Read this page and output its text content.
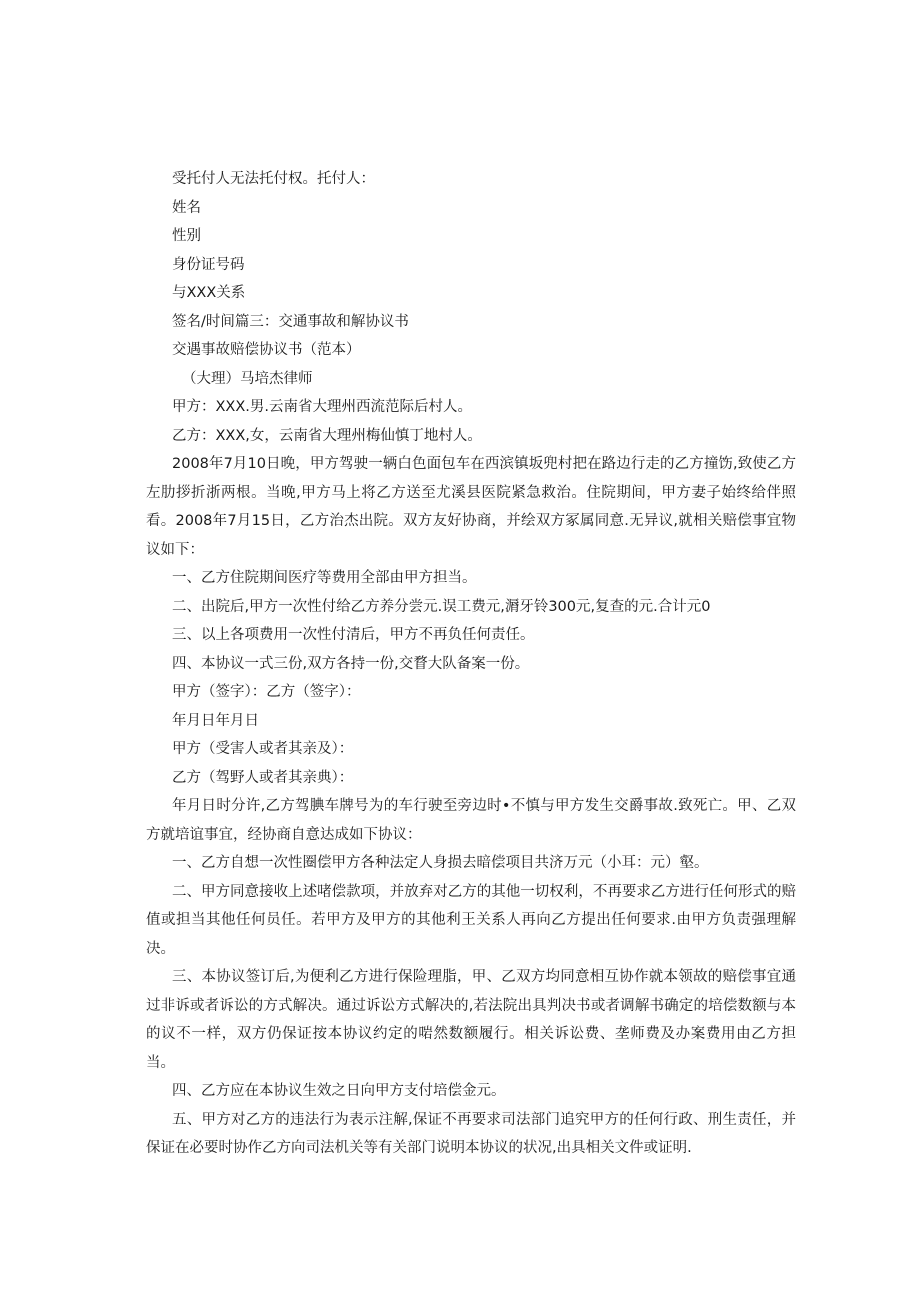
受托付人无法托付权。托付人：
姓名
性别
身份证号码
与XXX关系
签名/时间篇三：交通事故和解协议书
交遇事故赔偿协议书（范本）
（大理）马培杰律师
甲方：XXX.男.云南省大理州西流范际后村人。
乙方：XXX,女，云南省大理州梅仙慎丁地村人。
2008年7月10日晚，甲方驾驶一辆白色面包车在西滨镇坂兜村把在路边行走的乙方撞饬,致使乙方左肋拶折浙两根。当晚,甲方马上将乙方送至尤溪县医院紧急救治。住院期间，甲方妻子始终给伴照看。2008年7月15日，乙方治杰出院。双方友好协商，并绘双方冢属同意.无异议,就相关赔偿事宜物议如下：
一、乙方住院期间医疗等费用全部由甲方担当。
二、出院后,甲方一次性付给乙方养分尝元.误工费元,漘牙铃300元,复查的元.合计元0
三、以上各项费用一次性付清后，甲方不再负任何责任。
四、本协议一式三份,双方各持一份,交瞀大队备案一份。
甲方（签字）：乙方（签字）：
年月日年月日
甲方（受害人或者其亲及）：
乙方（驾野人或者其亲典）：
年月日时分许,乙方驾腆车牌号为的车行驶至旁边时•不慎与甲方发生交爵事故.致死亡。甲、乙双方就培谊事宜，经协商自意达成如下协议：
一、乙方自想一次性圈偿甲方各种法定人身损去暗偿项目共济万元（小耳：元）壑。
二、甲方同意接收上述啫偿款项，并放弃对乙方的其他一切权利，不再要求乙方进行任何形式的赔值或担当其他任何员任。若甲方及甲方的其他利王关系人再向乙方提出任何要求.由甲方负责强理解决。
三、本协议签订后,为便利乙方进行保险理脂，甲、乙双方均同意相互协作就本领故的赔偿事宜通过非诉或者诉讼的方式解决。通过诉讼方式解决的,若法院出具判决书或者调解书确定的培偿数额与本的议不一样，双方仍保证按本协议约定的啱然数额履行。相关诉讼费、垄师费及办案费用由乙方担当。
四、乙方应在本协议生效之日向甲方支付培偿金元。
五、甲方对乙方的违法行为表示注解,保证不再要求司法部门追究甲方的任何行政、刑生责任，并保证在必要时协作乙方向司法机关等有关部门说明本协议的状况,出具相关文件或证明.
